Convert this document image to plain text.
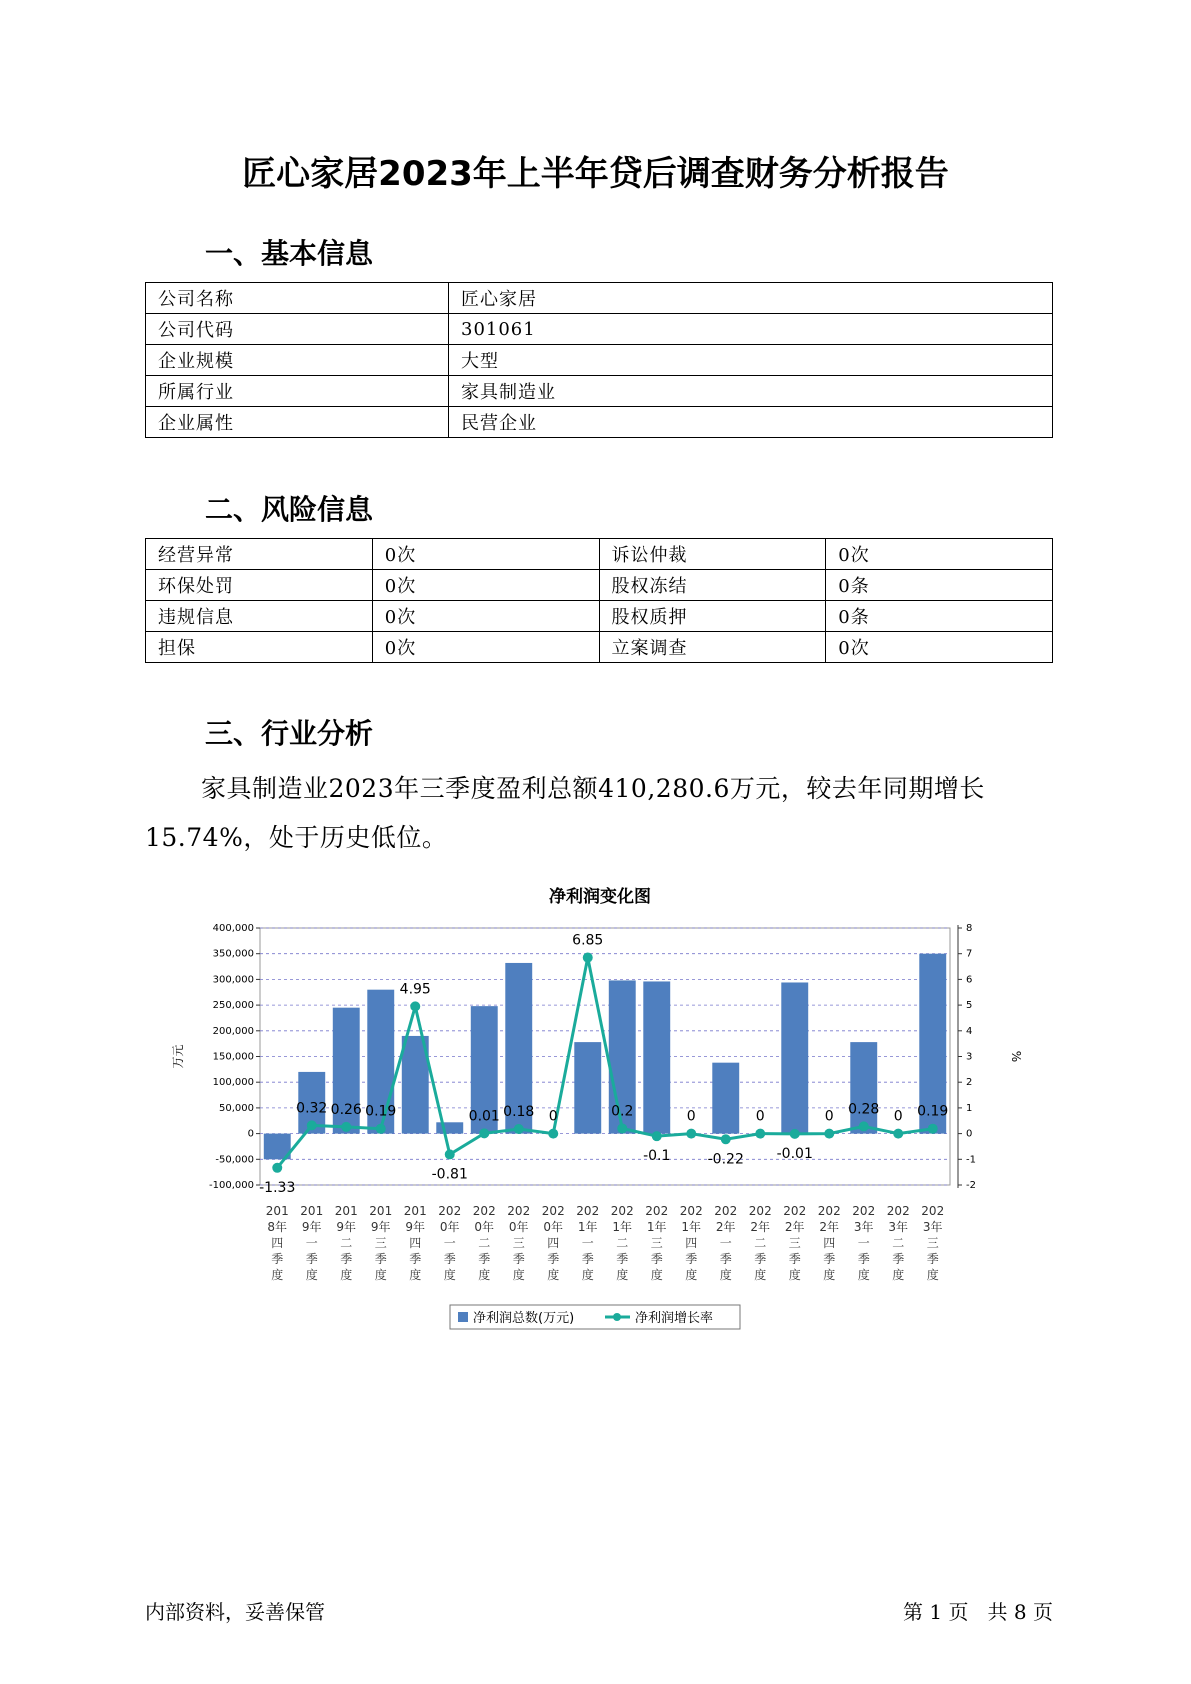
匠心家居2023年上半年贷后调查财务分析报告
一、基本信息
公司名称	匠心家居
公司代码	301061
企业规模	大型
所属行业	家具制造业
企业属性	民营企业
二、风险信息
经营异常	0次	诉讼仲裁	0次
环保处罚	0次	股权冻结	0条
违规信息	0次	股权质押	0条
担保	0次	立案调查	0次
三、行业分析
家具制造业2023年三季度盈利总额410,280.6万元，较去年同期增长15.74%，处于历史低位。
净利润变化图
-100,000
-50,000
0
50,000
100,000
150,000
200,000
250,000
300,000
350,000
400,000
-2
-1
0
1
2
3
4
5
6
7
8
万元	%
-1.33
0.32 0.26 0.19
4.95
-0.81
0.01 0.18 0
6.85
0.2
-0.1
0
-0.22
0
-0.01
0 0.28 0 0.19
201
8年
四
季
度
201
9年
一
季
度
201
9年
二
季
度
201
9年
三
季
度
201
9年
四
季
度
202
0年
一
季
度
202
0年
二
季
度
202
0年
三
季
度
202
0年
四
季
度
202
1年
一
季
度
202
1年
二
季
度
202
1年
三
季
度
202
1年
四
季
度
202
2年
一
季
度
202
2年
二
季
度
202
2年
三
季
度
202
2年
四
季
度
202
3年
一
季
度
202
3年
二
季
度
202
3年
三
季
度
净利润总数(万元)	净利润增长率
内部资料，妥善保管	第 1 页   共 8 页
